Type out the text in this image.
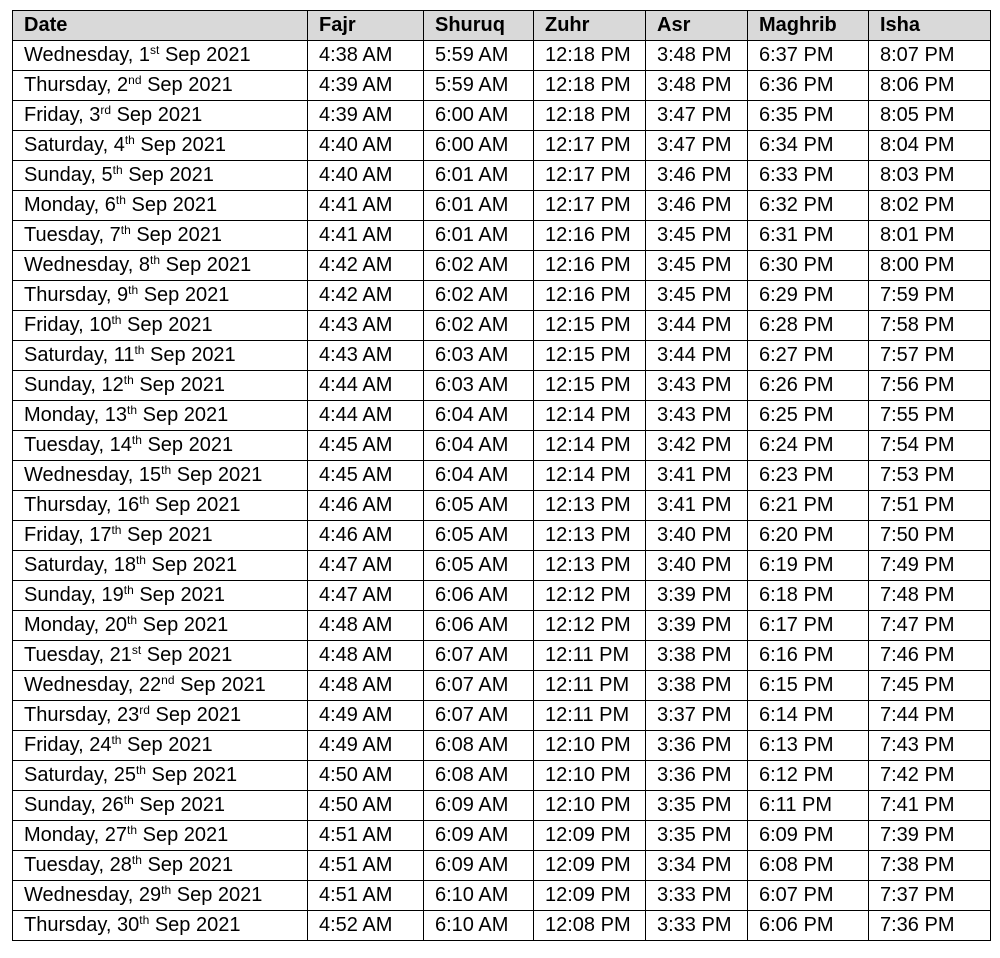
Date	Fajr	Shuruq	Zuhr	Asr	Maghrib	Isha
Wednesday, 1st Sep 2021	4:38 AM	5:59 AM	12:18 PM	3:48 PM	6:37 PM	8:07 PM
Thursday, 2nd Sep 2021	4:39 AM	5:59 AM	12:18 PM	3:48 PM	6:36 PM	8:06 PM
Friday, 3rd Sep 2021	4:39 AM	6:00 AM	12:18 PM	3:47 PM	6:35 PM	8:05 PM
Saturday, 4th Sep 2021	4:40 AM	6:00 AM	12:17 PM	3:47 PM	6:34 PM	8:04 PM
Sunday, 5th Sep 2021	4:40 AM	6:01 AM	12:17 PM	3:46 PM	6:33 PM	8:03 PM
Monday, 6th Sep 2021	4:41 AM	6:01 AM	12:17 PM	3:46 PM	6:32 PM	8:02 PM
Tuesday, 7th Sep 2021	4:41 AM	6:01 AM	12:16 PM	3:45 PM	6:31 PM	8:01 PM
Wednesday, 8th Sep 2021	4:42 AM	6:02 AM	12:16 PM	3:45 PM	6:30 PM	8:00 PM
Thursday, 9th Sep 2021	4:42 AM	6:02 AM	12:16 PM	3:45 PM	6:29 PM	7:59 PM
Friday, 10th Sep 2021	4:43 AM	6:02 AM	12:15 PM	3:44 PM	6:28 PM	7:58 PM
Saturday, 11th Sep 2021	4:43 AM	6:03 AM	12:15 PM	3:44 PM	6:27 PM	7:57 PM
Sunday, 12th Sep 2021	4:44 AM	6:03 AM	12:15 PM	3:43 PM	6:26 PM	7:56 PM
Monday, 13th Sep 2021	4:44 AM	6:04 AM	12:14 PM	3:43 PM	6:25 PM	7:55 PM
Tuesday, 14th Sep 2021	4:45 AM	6:04 AM	12:14 PM	3:42 PM	6:24 PM	7:54 PM
Wednesday, 15th Sep 2021	4:45 AM	6:04 AM	12:14 PM	3:41 PM	6:23 PM	7:53 PM
Thursday, 16th Sep 2021	4:46 AM	6:05 AM	12:13 PM	3:41 PM	6:21 PM	7:51 PM
Friday, 17th Sep 2021	4:46 AM	6:05 AM	12:13 PM	3:40 PM	6:20 PM	7:50 PM
Saturday, 18th Sep 2021	4:47 AM	6:05 AM	12:13 PM	3:40 PM	6:19 PM	7:49 PM
Sunday, 19th Sep 2021	4:47 AM	6:06 AM	12:12 PM	3:39 PM	6:18 PM	7:48 PM
Monday, 20th Sep 2021	4:48 AM	6:06 AM	12:12 PM	3:39 PM	6:17 PM	7:47 PM
Tuesday, 21st Sep 2021	4:48 AM	6:07 AM	12:11 PM	3:38 PM	6:16 PM	7:46 PM
Wednesday, 22nd Sep 2021	4:48 AM	6:07 AM	12:11 PM	3:38 PM	6:15 PM	7:45 PM
Thursday, 23rd Sep 2021	4:49 AM	6:07 AM	12:11 PM	3:37 PM	6:14 PM	7:44 PM
Friday, 24th Sep 2021	4:49 AM	6:08 AM	12:10 PM	3:36 PM	6:13 PM	7:43 PM
Saturday, 25th Sep 2021	4:50 AM	6:08 AM	12:10 PM	3:36 PM	6:12 PM	7:42 PM
Sunday, 26th Sep 2021	4:50 AM	6:09 AM	12:10 PM	3:35 PM	6:11 PM	7:41 PM
Monday, 27th Sep 2021	4:51 AM	6:09 AM	12:09 PM	3:35 PM	6:09 PM	7:39 PM
Tuesday, 28th Sep 2021	4:51 AM	6:09 AM	12:09 PM	3:34 PM	6:08 PM	7:38 PM
Wednesday, 29th Sep 2021	4:51 AM	6:10 AM	12:09 PM	3:33 PM	6:07 PM	7:37 PM
Thursday, 30th Sep 2021	4:52 AM	6:10 AM	12:08 PM	3:33 PM	6:06 PM	7:36 PM
